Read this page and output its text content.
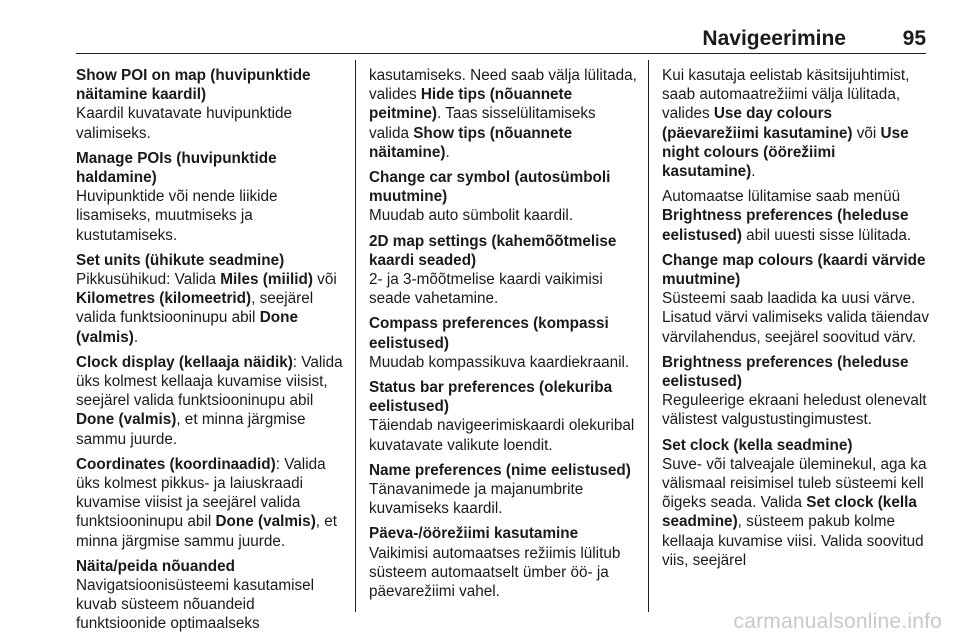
Navigeerimine	95
Show POI on map (huvipunktide näitamine kaardil)
Kaardil kuvatavate huvipunktide valimiseks.
Manage POIs (huvipunktide haldamine)
Huvipunktide või nende liikide lisamiseks, muutmiseks ja kustutamiseks.
Set units (ühikute seadmine)
Pikkusühikud: Valida Miles (miilid) või Kilometres (kilomeetrid), seejärel valida funktsiooninupu abil Done (valmis).
Clock display (kellaaja näidik): Valida üks kolmest kellaaja kuvamise viisist, seejärel valida funktsiooninupu abil Done (valmis), et minna järgmise sammu juurde.
Coordinates (koordinaadid): Valida üks kolmest pikkus- ja laiuskraadi kuvamise viisist ja seejärel valida funktsiooninupu abil Done (valmis), et minna järgmise sammu juurde.
Näita/peida nõuanded
Navigatsioonisüsteemi kasutamisel kuvab süsteem nõuandeid funktsioonide optimaalseks
kasutamiseks. Need saab välja lülitada, valides Hide tips (nõuannete peitmine). Taas sisselülitamiseks valida Show tips (nõuannete näitamine).
Change car symbol (autosümboli muutmine)
Muudab auto sümbolit kaardil.
2D map settings (kahemõõtmelise kaardi seaded)
2- ja 3-mõõtmelise kaardi vaikimisi seade vahetamine.
Compass preferences (kompassi eelistused)
Muudab kompassikuva kaardiekraanil.
Status bar preferences (olekuriba eelistused)
Täiendab navigeerimiskaardi olekuribal kuvatavate valikute loendit.
Name preferences (nime eelistused)
Tänavanimede ja majanumbrite kuvamiseks kaardil.
Päeva-/öörežiimi kasutamine
Vaikimisi automaatses režiimis lülitub süsteem automaatselt ümber öö- ja päevarežiimi vahel.
Kui kasutaja eelistab käsitsijuhtimist, saab automaatrežiimi välja lülitada, valides Use day colours (päevarežiimi kasutamine) või Use night colours (öörežiimi kasutamine).
Automaatse lülitamise saab menüü Brightness preferences (heleduse eelistused) abil uuesti sisse lülitada.
Change map colours (kaardi värvide muutmine)
Süsteemi saab laadida ka uusi värve. Lisatud värvi valimiseks valida täiendav värvilahendus, seejärel soovitud värv.
Brightness preferences (heleduse eelistused)
Reguleerige ekraani heledust olenevalt välistest valgustustingimustest.
Set clock (kella seadmine)
Suve- või talveajale üleminekul, aga ka välismaal reisimisel tuleb süsteemi kell õigeks seada. Valida Set clock (kella seadmine), süsteem pakub kolme kellaaja kuvamise viisi. Valida soovitud viis, seejärel
carmanualsonline.info
